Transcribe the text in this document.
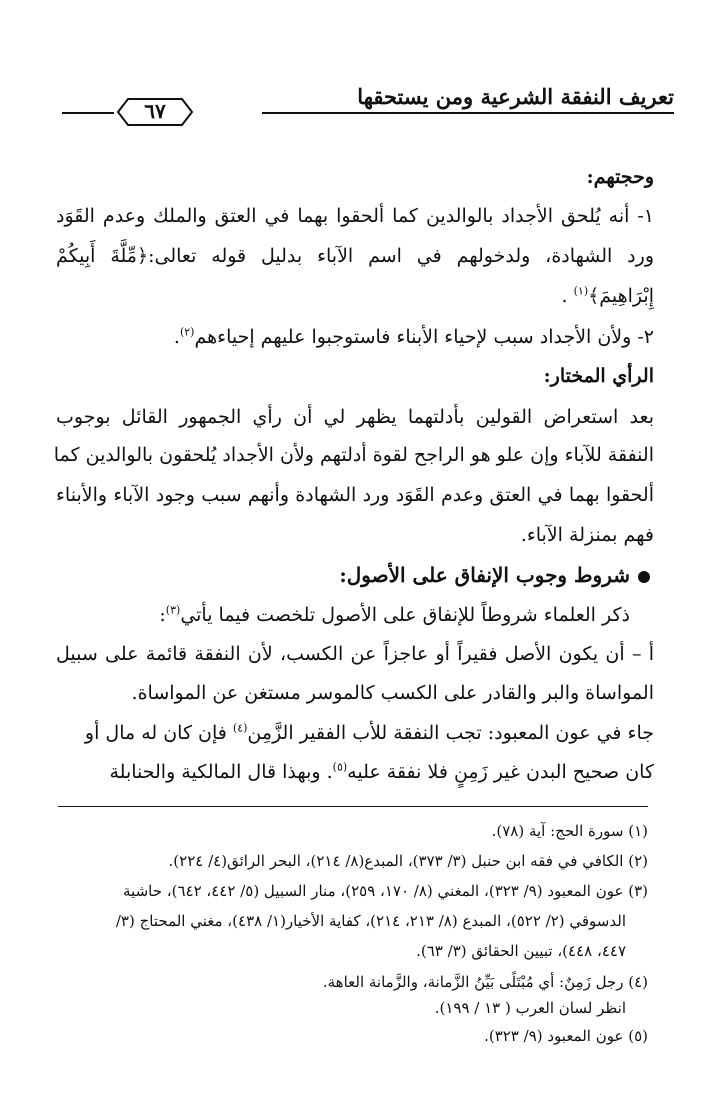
تعريف النفقة الشرعية ومن يستحقها
٦٧
وحجتهم:
١- أنه يُلحق الأجداد بالوالدين كما ألحقوا بهما في العتق والملك وعدم القَوَد
ورد الشهادة، ولدخولهم في اسم الآباء بدليل قوله تعالى:﴿مِّلَّةَ أَبِيكُمْ
إِبْرَاهِيمَ﴾$^{(١)}$ .
٢- ولأن الأجداد سبب لإحياء الأبناء فاستوجبوا عليهم إحياءهم$^{(٢)}$.
الرأي المختار:
بعد استعراض القولين بأدلتهما يظهر لي أن رأي الجمهور القائل بوجوب
النفقة للآباء وإن علو هو الراجح لقوة أدلتهم ولأن الأجداد يُلحقون بالوالدين كما
ألحقوا بهما في العتق وعدم القَوَد ورد الشهادة وأنهم سبب وجود الآباء والأبناء
فهم بمنزلة الآباء.
شروط وجوب الإنفاق على الأصول:
ذكر العلماء شروطاً للإنفاق على الأصول تلخصت فيما يأتي$^{(٣)}$:
أ – أن يكون الأصل فقيراً أو عاجزاً عن الكسب، لأن النفقة قائمة على سبيل
المواساة والبر والقادر على الكسب كالموسر مستغن عن المواساة.
جاء في عون المعبود: تجب النفقة للأب الفقير الزَّمِن$^{(٤)}$ فإن كان له مال أو
كان صحيح البدن غير زَمِنٍ فلا نفقة عليه$^{(٥)}$. وبهذا قال المالكية والحنابلة
(١) سورة الحج: آية (٧٨).
(٢) الكافي في فقه ابن حنبل (٣/ ٣٧٣)، المبدع(٨/ ٢١٤)، البحر الرائق(٤/ ٢٢٤).
(٣) عون المعبود (٩/ ٣٢٣)، المغني (٨/ ١٧٠، ٢٥٩)، منار السبيل (٥/ ٤٤٢، ٦٤٢)، حاشية
الدسوقي (٢/ ٥٢٢)، المبدع (٨/ ٢١٣، ٢١٤)، كفاية الأخيار(١/ ٤٣٨)، مغني المحتاج (٣/
٤٤٧، ٤٤٨)، تبيين الحقائق (٣/ ٦٣).
(٤) رجل زَمِنٌ: أي مُبْتَلًى بَيِّنُ الزَّمانة، والزَّمانة العاهة.
انظر لسان العرب ( ١٣ / ١٩٩).
(٥) عون المعبود (٩/ ٣٢٣).
